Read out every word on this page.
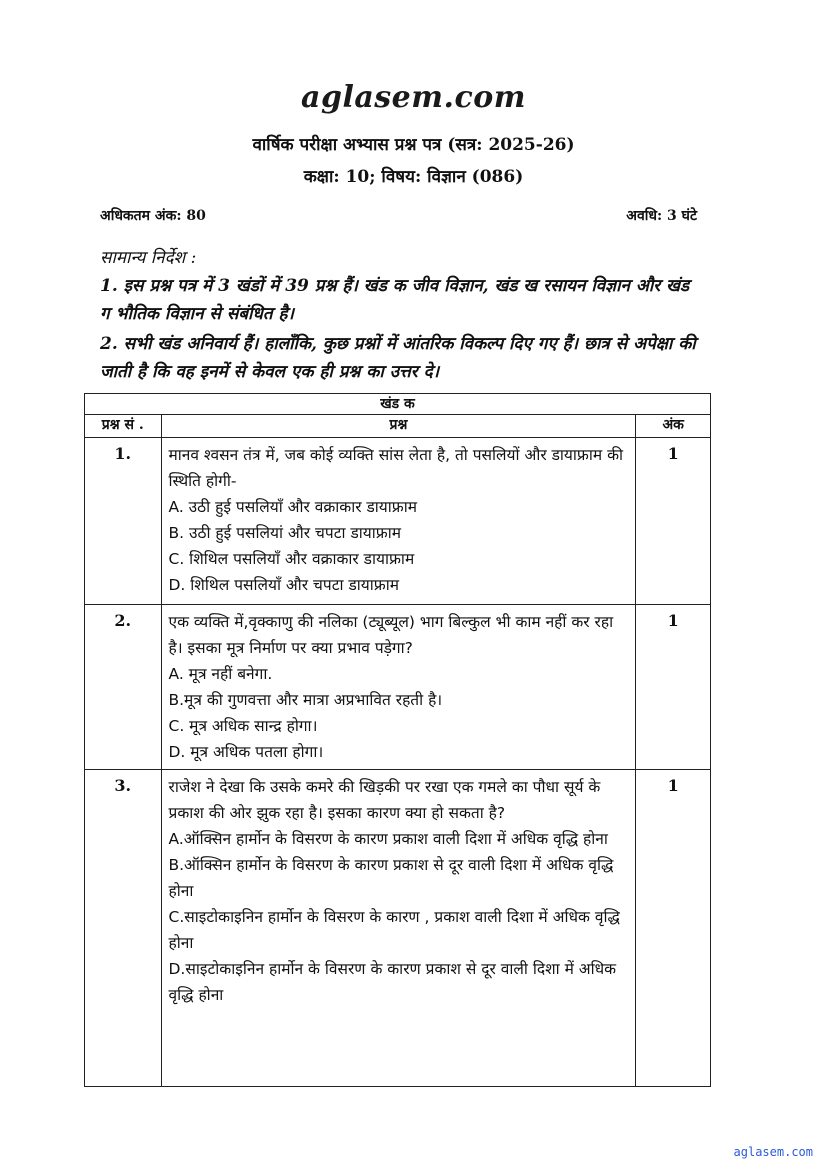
aglasem.com
वार्षिक परीक्षा अभ्यास प्रश्न पत्र (सत्र: 2025-26)
कक्षा: 10; विषय: विज्ञान (086)
अधिकतम अंक: 80	अवधि: 3 घंटे
सामान्य निर्देश :
1. इस प्रश्न पत्र में 3 खंडों में 39 प्रश्न हैं। खंड क जीव विज्ञान, खंड ख रसायन विज्ञान और खंड ग भौतिक विज्ञान से संबंधित है।
2. सभी खंड अनिवार्य हैं। हालाँकि, कुछ प्रश्नों में आंतरिक विकल्प दिए गए हैं। छात्र से अपेक्षा की जाती है कि वह इनमें से केवल एक ही प्रश्न का उत्तर दे।
खंड क		
प्रश्न सं .	प्रश्न	अंक
1.	मानव श्वसन तंत्र में, जब कोई व्यक्ति सांस लेता है, तो पसलियों और डायाफ्राम की स्थिति होगी-

A. उठी हुई पसलियाँ और वक्राकार डायाफ्राम

B. उठी हुई पसलियां और चपटा डायाफ्राम

C. शिथिल पसलियाँ और वक्राकार डायाफ्राम

D. शिथिल पसलियाँ और चपटा डायाफ्राम	1
2.	एक व्यक्ति में,वृक्काणु की नलिका (ट्यूब्यूल) भाग बिल्कुल भी काम नहीं कर रहा है। इसका मूत्र निर्माण पर क्या प्रभाव पड़ेगा?

A. मूत्र नहीं बनेगा.

B.मूत्र की गुणवत्ता और मात्रा अप्रभावित रहती है।

C. मूत्र अधिक सान्द्र होगा।

D. मूत्र अधिक पतला होगा।	1
3.	राजेश ने देखा कि उसके कमरे की खिड़की पर रखा एक गमले का पौधा सूर्य के प्रकाश की ओर झुक रहा है। इसका कारण क्या हो सकता है?

A.ऑक्सिन हार्मोन के विसरण के कारण प्रकाश वाली दिशा में अधिक वृद्धि होना

B.ऑक्सिन हार्मोन के विसरण के कारण प्रकाश से दूर वाली दिशा में अधिक वृद्धि होना

C.साइटोकाइनिन हार्मोन के विसरण के कारण , प्रकाश वाली दिशा में अधिक वृद्धि होना

D.साइटोकाइनिन हार्मोन के विसरण के कारण प्रकाश से दूर वाली दिशा में अधिक वृद्धि होना	1
aglasem.com
